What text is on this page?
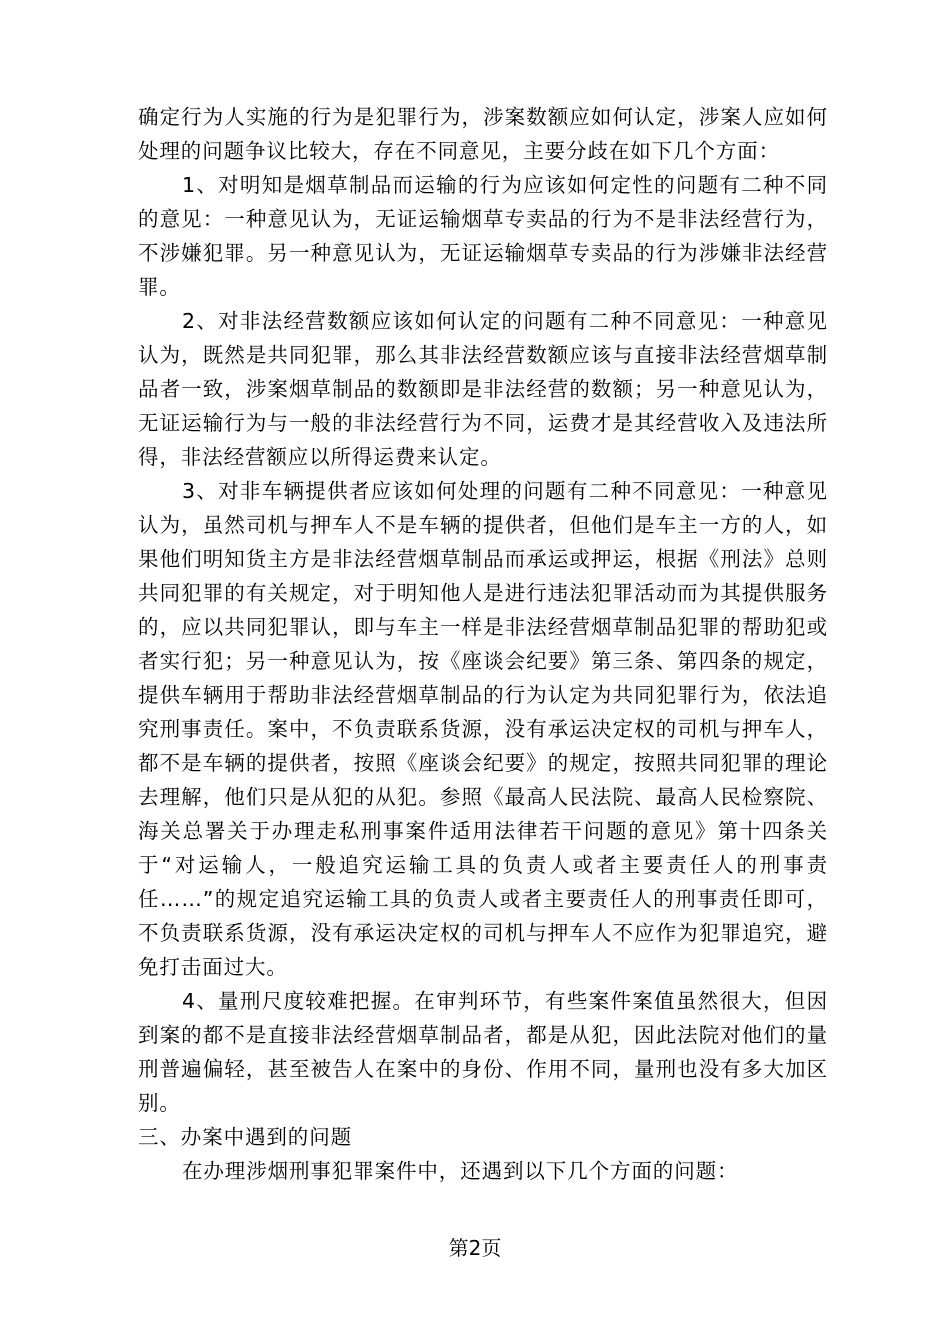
确定行为人实施的行为是犯罪行为，涉案数额应如何认定，涉案人应如何处理的问题争议比较大，存在不同意见，主要分歧在如下几个方面：

1、对明知是烟草制品而运输的行为应该如何定性的问题有二种不同的意见：一种意见认为，无证运输烟草专卖品的行为不是非法经营行为，不涉嫌犯罪。另一种意见认为，无证运输烟草专卖品的行为涉嫌非法经营罪。

2、对非法经营数额应该如何认定的问题有二种不同意见：一种意见认为，既然是共同犯罪，那么其非法经营数额应该与直接非法经营烟草制品者一致，涉案烟草制品的数额即是非法经营的数额；另一种意见认为，无证运输行为与一般的非法经营行为不同，运费才是其经营收入及违法所得，非法经营额应以所得运费来认定。

3、对非车辆提供者应该如何处理的问题有二种不同意见：一种意见认为，虽然司机与押车人不是车辆的提供者，但他们是车主一方的人，如果他们明知货主方是非法经营烟草制品而承运或押运，根据《刑法》总则共同犯罪的有关规定，对于明知他人是进行违法犯罪活动而为其提供服务的，应以共同犯罪认，即与车主一样是非法经营烟草制品犯罪的帮助犯或者实行犯；另一种意见认为，按《座谈会纪要》第三条、第四条的规定，提供车辆用于帮助非法经营烟草制品的行为认定为共同犯罪行为，依法追究刑事责任。案中，不负责联系货源，没有承运决定权的司机与押车人，都不是车辆的提供者，按照《座谈会纪要》的规定，按照共同犯罪的理论去理解，他们只是从犯的从犯。参照《最高人民法院、最高人民检察院、海关总署关于办理走私刑事案件适用法律若干问题的意见》第十四条关于“对运输人，一般追究运输工具的负责人或者主要责任人的刑事责任……”的规定追究运输工具的负责人或者主要责任人的刑事责任即可，不负责联系货源，没有承运决定权的司机与押车人不应作为犯罪追究，避免打击面过大。

4、量刑尺度较难把握。在审判环节，有些案件案值虽然很大，但因到案的都不是直接非法经营烟草制品者，都是从犯，因此法院对他们的量刑普遍偏轻，甚至被告人在案中的身份、作用不同，量刑也没有多大加区别。

三、办案中遇到的问题

在办理涉烟刑事犯罪案件中，还遇到以下几个方面的问题：

第2页
